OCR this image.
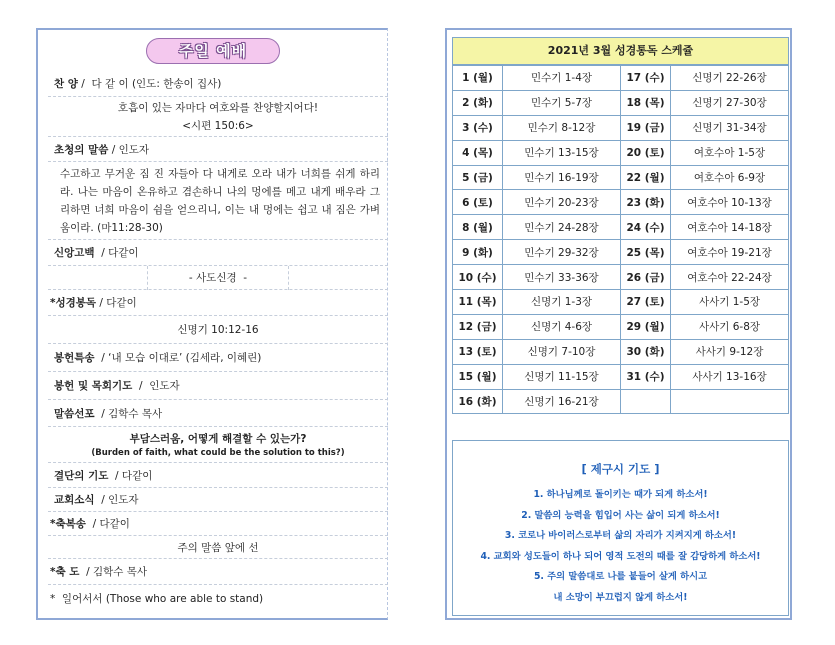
주일 예배
찬 양 /  다 같 이 (인도: 한송이 집사)
호흡이 있는 자마다 여호와를 찬양할지어다!
<시편 150:6>
초청의 말씀 / 인도자
수고하고 무거운 짐 진 자들아 다 내게로 오라 내가 너희를 쉬게 하리라. 나는 마음이 온유하고 겸손하니 나의 멍에를 메고 내게 배우라 그리하면 너희 마음이 쉼을 얻으리니, 이는 내 멍에는 쉽고 내 짐은 가벼움이라. (마11:28-30)
신앙고백 / 다같이
- 사도신경  -
*성경봉독 / 다같이
신명기 10:12-16
봉헌특송 / ‘내 모습 이대로’ (김세라, 이혜린)
봉헌 및 목회기도 /  인도자
말씀선포 / 김학수 목사
부담스러움, 어떻게 해결할 수 있는가?
(Burden of faith, what could be the solution to this?)
결단의 기도 / 다같이
교회소식 / 인도자
*축복송 / 다같이
주의 말씀 앞에 선
*축 도 / 김학수 목사
*  일어서서 (Those who are able to stand)
2021년 3월 성경통독 스케쥴
1 (월)	민수기 1-4장	17 (수)	신명기 22-26장
2 (화)	민수기 5-7장	18 (목)	신명기 27-30장
3 (수)	민수기 8-12장	19 (금)	신명기 31-34장
4 (목)	민수기 13-15장	20 (토)	여호수아 1-5장
5 (금)	민수기 16-19장	22 (월)	여호수아 6-9장
6 (토)	민수기 20-23장	23 (화)	여호수아 10-13장
8 (월)	민수기 24-28장	24 (수)	여호수아 14-18장
9 (화)	민수기 29-32장	25 (목)	여호수아 19-21장
10 (수)	민수기 33-36장	26 (금)	여호수아 22-24장
11 (목)	신명기 1-3장	27 (토)	사사기 1-5장
12 (금)	신명기 4-6장	29 (월)	사사기 6-8장
13 (토)	신명기 7-10장	30 (화)	사사기 9-12장
15 (월)	신명기 11-15장	31 (수)	사사기 13-16장
16 (화)	신명기 16-21장		
[ 제구시 기도 ]
1. 하나님께로 돌이키는 때가 되게 하소서!
2. 말씀의 능력을 힘입어 사는 삶이 되게 하소서!
3. 코로나 바이러스로부터 삶의 자리가 지켜지게 하소서!
4. 교회와 성도들이 하나 되어 영적 도전의 때를 잘 감당하게 하소서!
5. 주의 말씀대로 나를 붙들어 살게 하시고
내 소망이 부끄럽지 않게 하소서!
